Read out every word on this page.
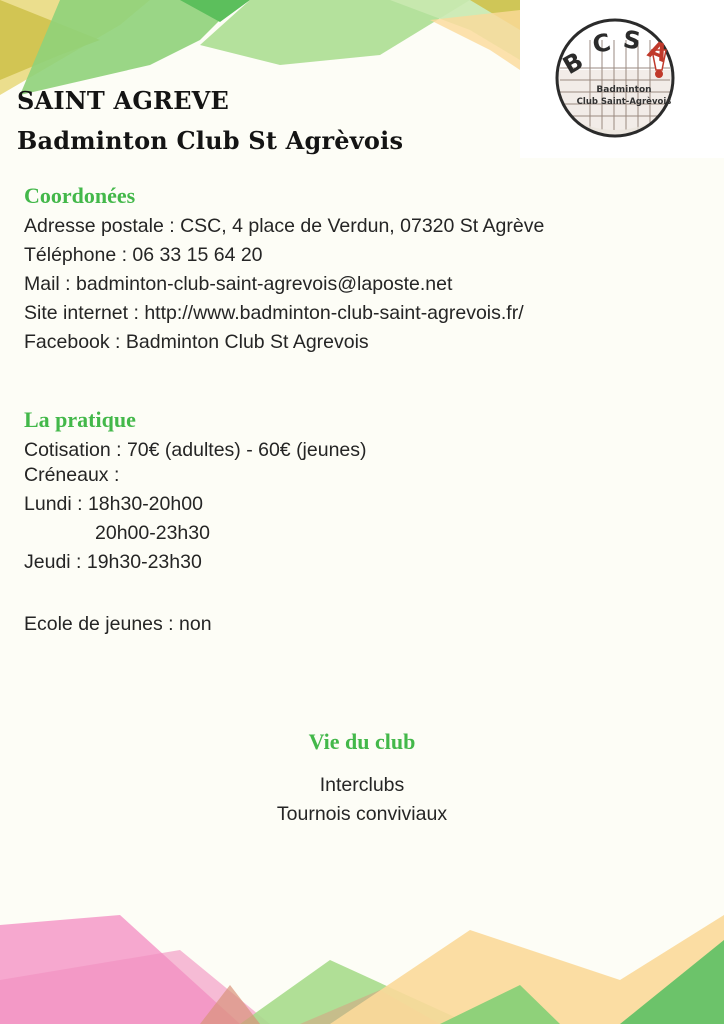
B
C S A
Badminton
Club Saint-Agrèvois
SAINT AGREVE
Badminton Club St Agrèvois
Coordonées

Adresse postale : CSC, 4 place de Verdun, 07320 St Agrève

Téléphone : 06 33 15 64 20

Mail : badminton-club-saint-agrevois@laposte.net

Site internet : http://www.badminton-club-saint-agrevois.fr/

Facebook : Badminton Club St Agrevois

La pratique

Cotisation : 70€ (adultes) - 60€ (jeunes)

Créneaux :

Lundi : 18h30-20h00

20h00-23h30

Jeudi : 19h30-23h30

Ecole de jeunes : non

Vie du club

Interclubs

Tournois conviviaux
